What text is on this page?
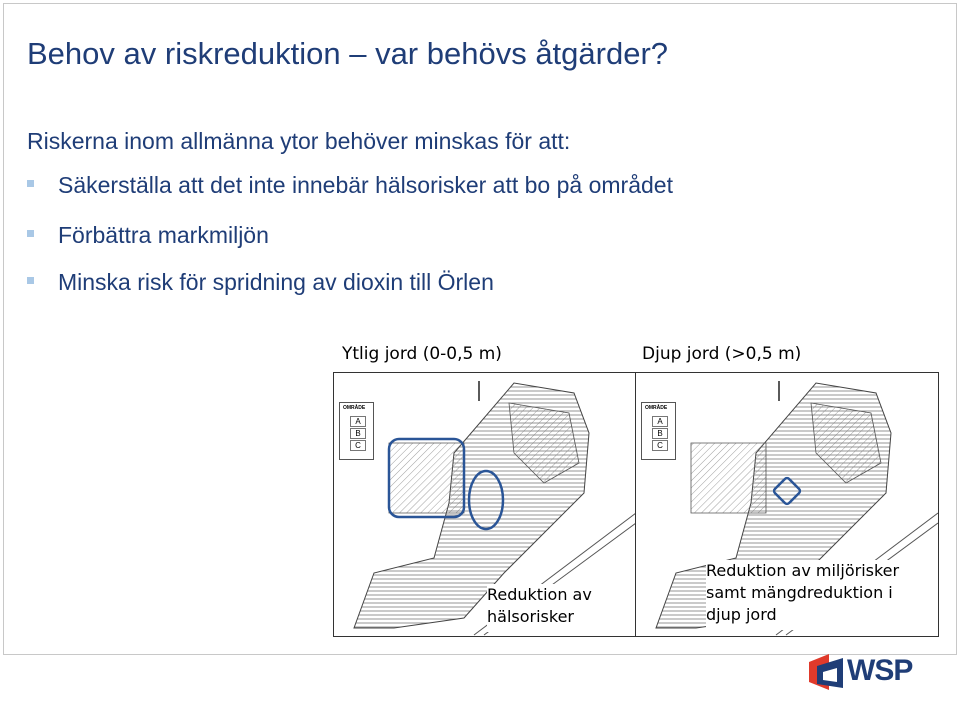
Behov av riskreduktion – var behövs åtgärder?
Riskerna inom allmänna ytor behöver minskas för att:
Säkerställa att det inte innebär hälsorisker att bo på området
Förbättra markmiljön
Minska risk för spridning av dioxin till Örlen
Ytlig jord (0-0,5 m)	Djup jord (>0,5 m)
OMRÅDE
A
B
C
Reduktion av
hälsorisker
OMRÅDE
A
B
C
Reduktion av miljörisker
samt mängdreduktion i
djup jord
WSP
